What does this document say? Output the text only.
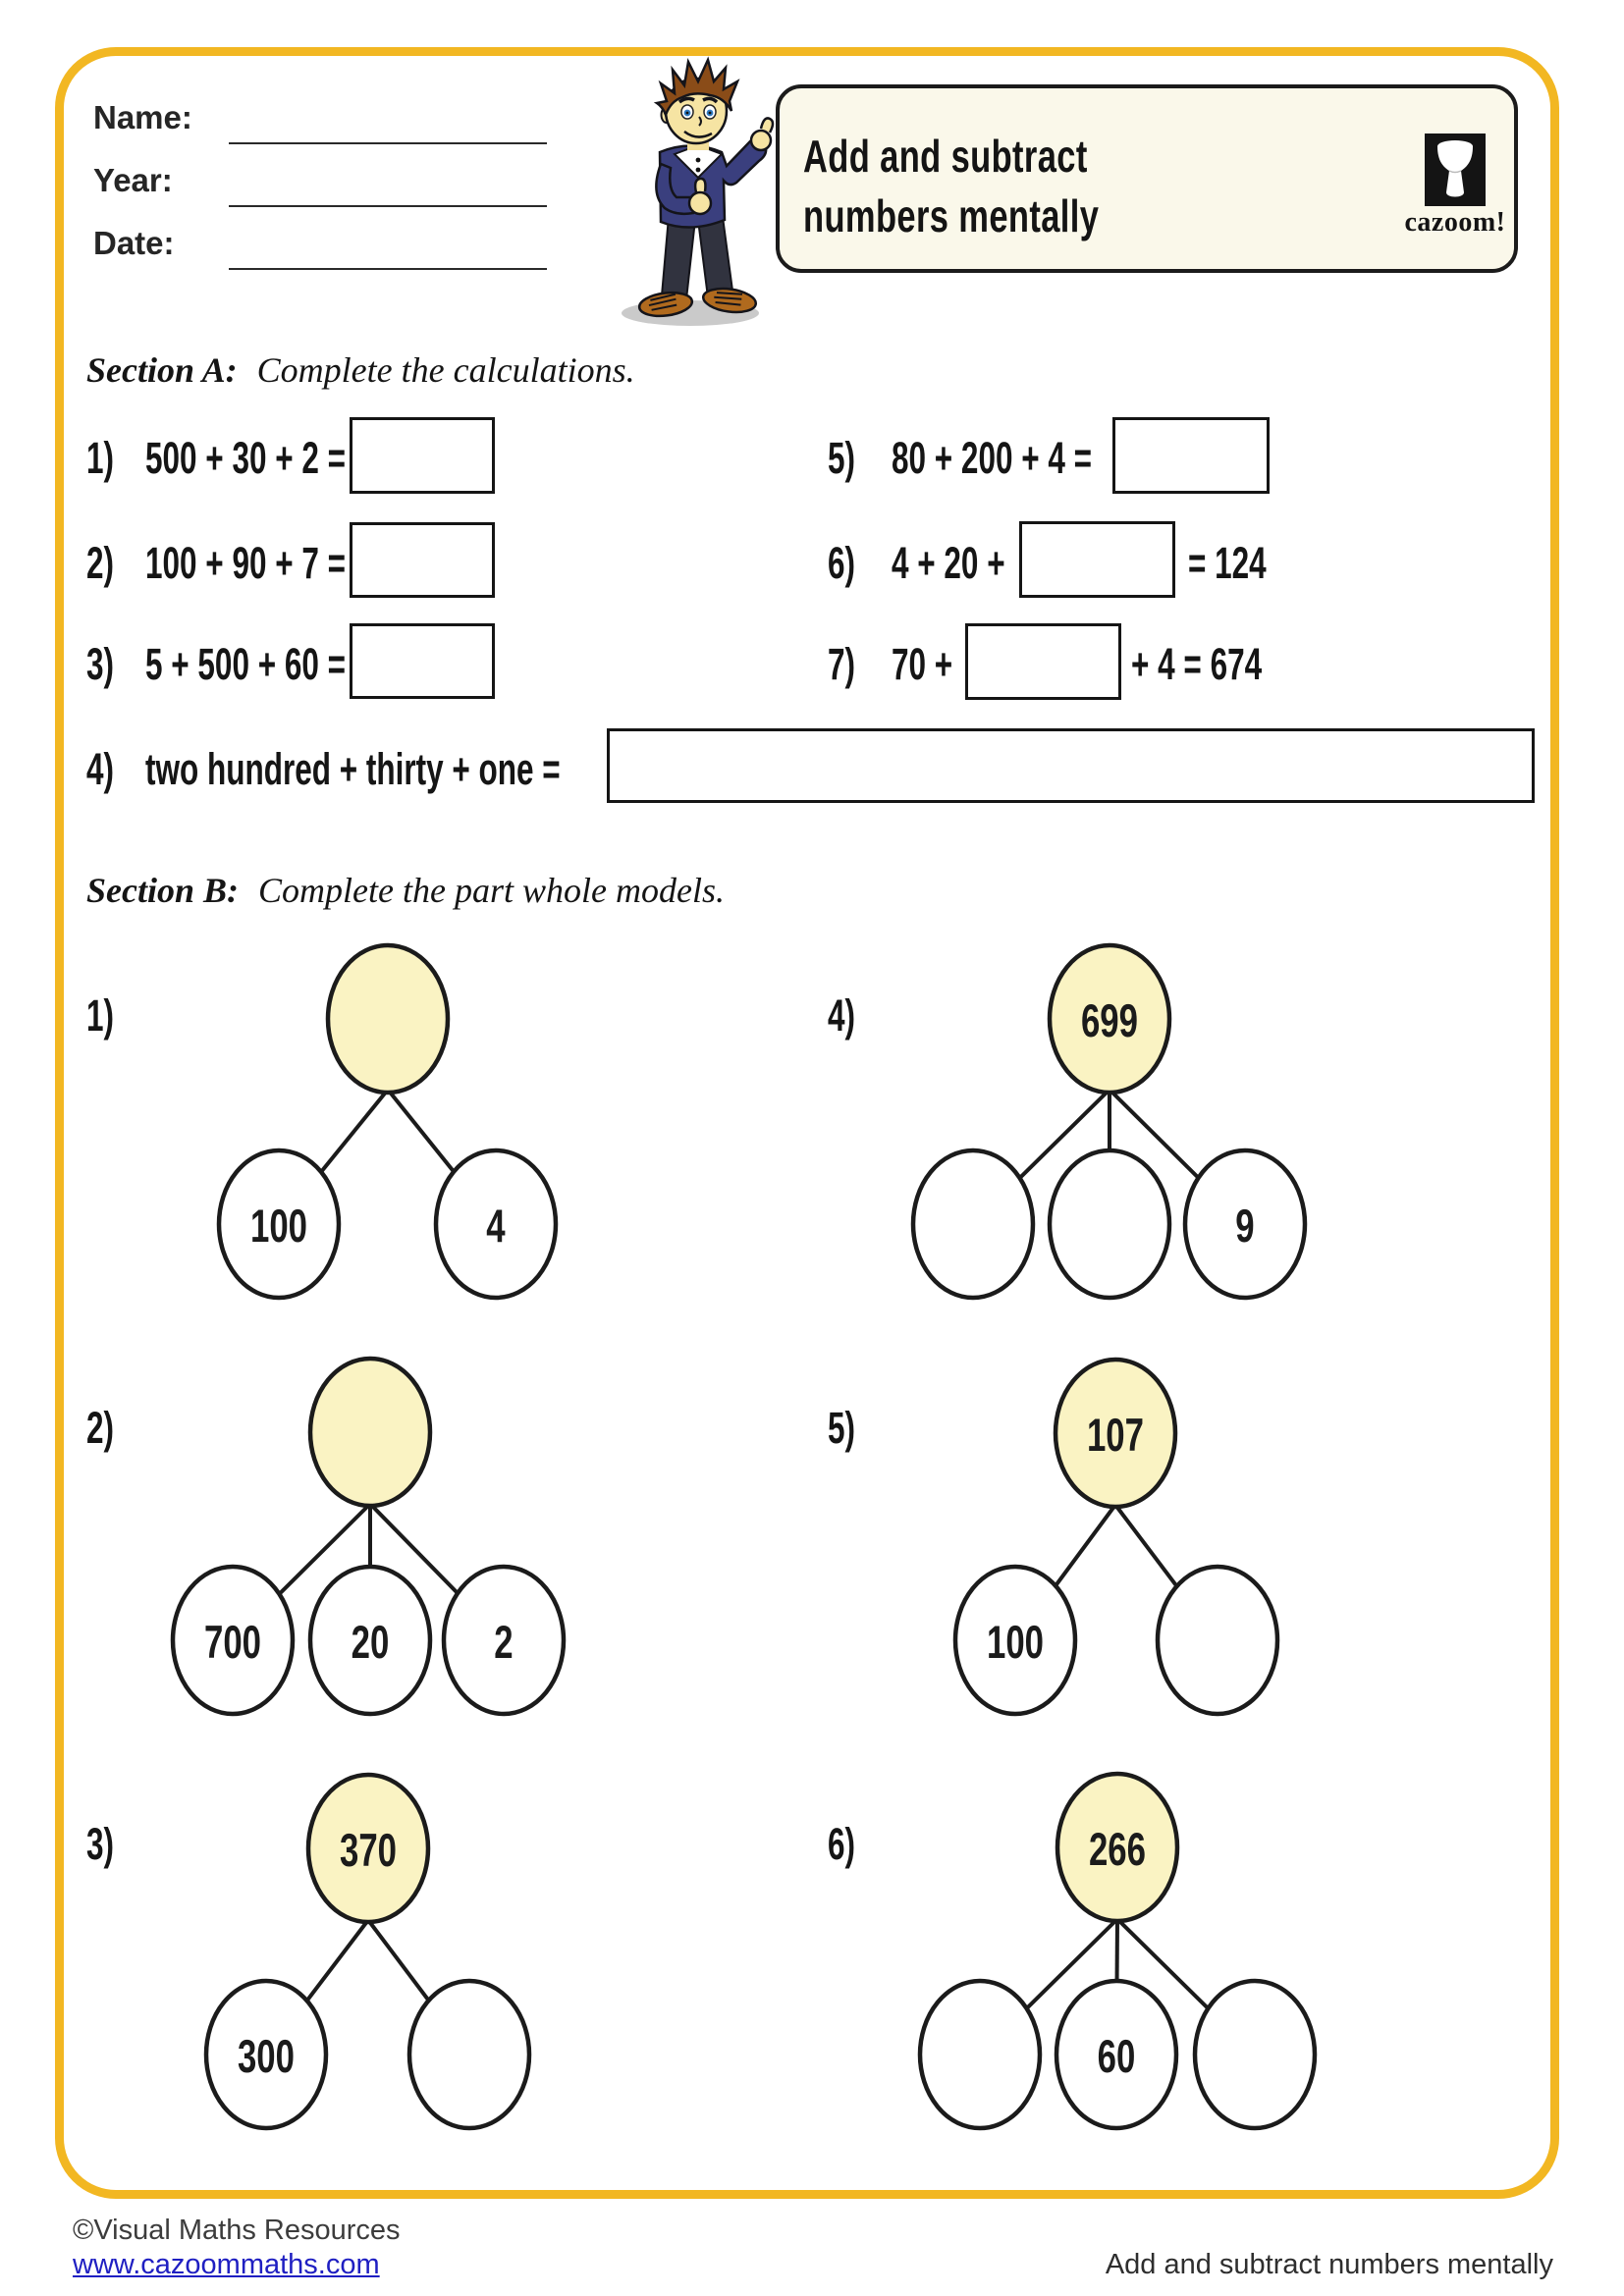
Name:
Year:
Date:
Add and subtract
numbers mentally	cazoom!
Section A: Complete the calculations.
1) 500 + 30 + 2 =	5) 80 + 200 + 4 =
2) 100 + 90 + 7 =	6) 4 + 20 +	= 124
3) 5 + 500 + 60 =	7) 70 +	+ 4 = 674
4) two hundred + thirty + one =
Section B: Complete the part whole models.
1)	4)
2)	5)
3)	6)
100	4
699
9
700 20 2
107
100
370
300
266
60
©Visual Maths Resources
www.cazoommaths.com	Add and subtract numbers mentally
